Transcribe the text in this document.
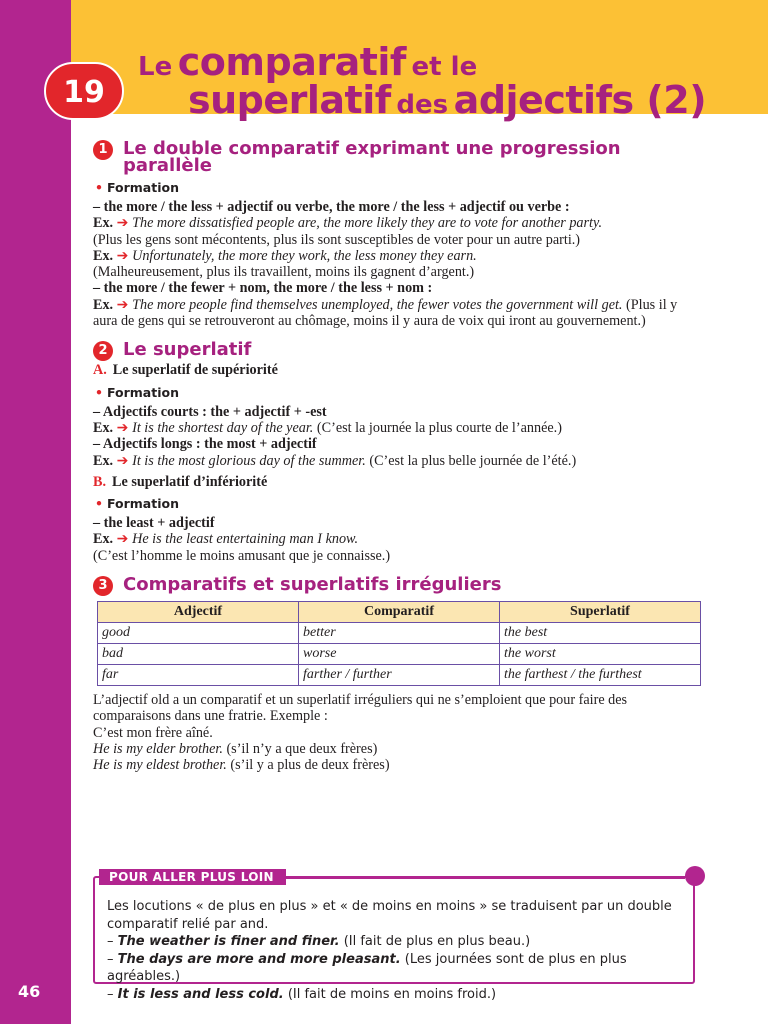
46
19
Le comparatif et le
superlatif des adjectifs (2)
1 Le double comparatif exprimant une progression parallèle
• Formation

– the more / the less + adjectif ou verbe, the more / the less + adjectif ou verbe :

Ex. ➔ The more dissatisfied people are, the more likely they are to vote for another party.

(Plus les gens sont mécontents, plus ils sont susceptibles de voter pour un autre parti.)

Ex. ➔ Unfortunately, the more they work, the less money they earn.

(Malheureusement, plus ils travaillent, moins ils gagnent d’argent.)

– the more / the fewer + nom, the more / the less + nom :

Ex. ➔ The more people find themselves unemployed, the fewer votes the government will get. (Plus il y aura de gens qui se retrouveront au chômage, moins il y aura de voix qui iront au gouvernement.)

2 Le superlatif

A. Le superlatif de supériorité

• Formation

– Adjectifs courts : the + adjectif + -est

Ex. ➔ It is the shortest day of the year. (C’est la journée la plus courte de l’année.)

– Adjectifs longs : the most + adjectif

Ex. ➔ It is the most glorious day of the summer. (C’est la plus belle journée de l’été.)

B. Le superlatif d’infériorité

• Formation

– the least + adjectif

Ex. ➔ He is the least entertaining man I know.

(C’est l’homme le moins amusant que je connaisse.)

3 Comparatifs et superlatifs irréguliers
Adjectif	Comparatif	Superlatif
good	better	the best
bad	worse	the worst
far	farther / further	the farthest / the furthest

L’adjectif old a un comparatif et un superlatif irréguliers qui ne s’emploient que pour faire des comparaisons dans une fratrie. Exemple :

C’est mon frère aîné.

He is my elder brother. (s’il n’y a que deux frères)

He is my eldest brother. (s’il y a plus de deux frères)

POUR ALLER PLUS LOIN
Les locutions « de plus en plus » et « de moins en moins » se traduisent par un double comparatif relié par and.
– The weather is finer and finer. (Il fait de plus en plus beau.)
– The days are more and more pleasant. (Les journées sont de plus en plus agréables.)
– It is less and less cold. (Il fait de moins en moins froid.)
